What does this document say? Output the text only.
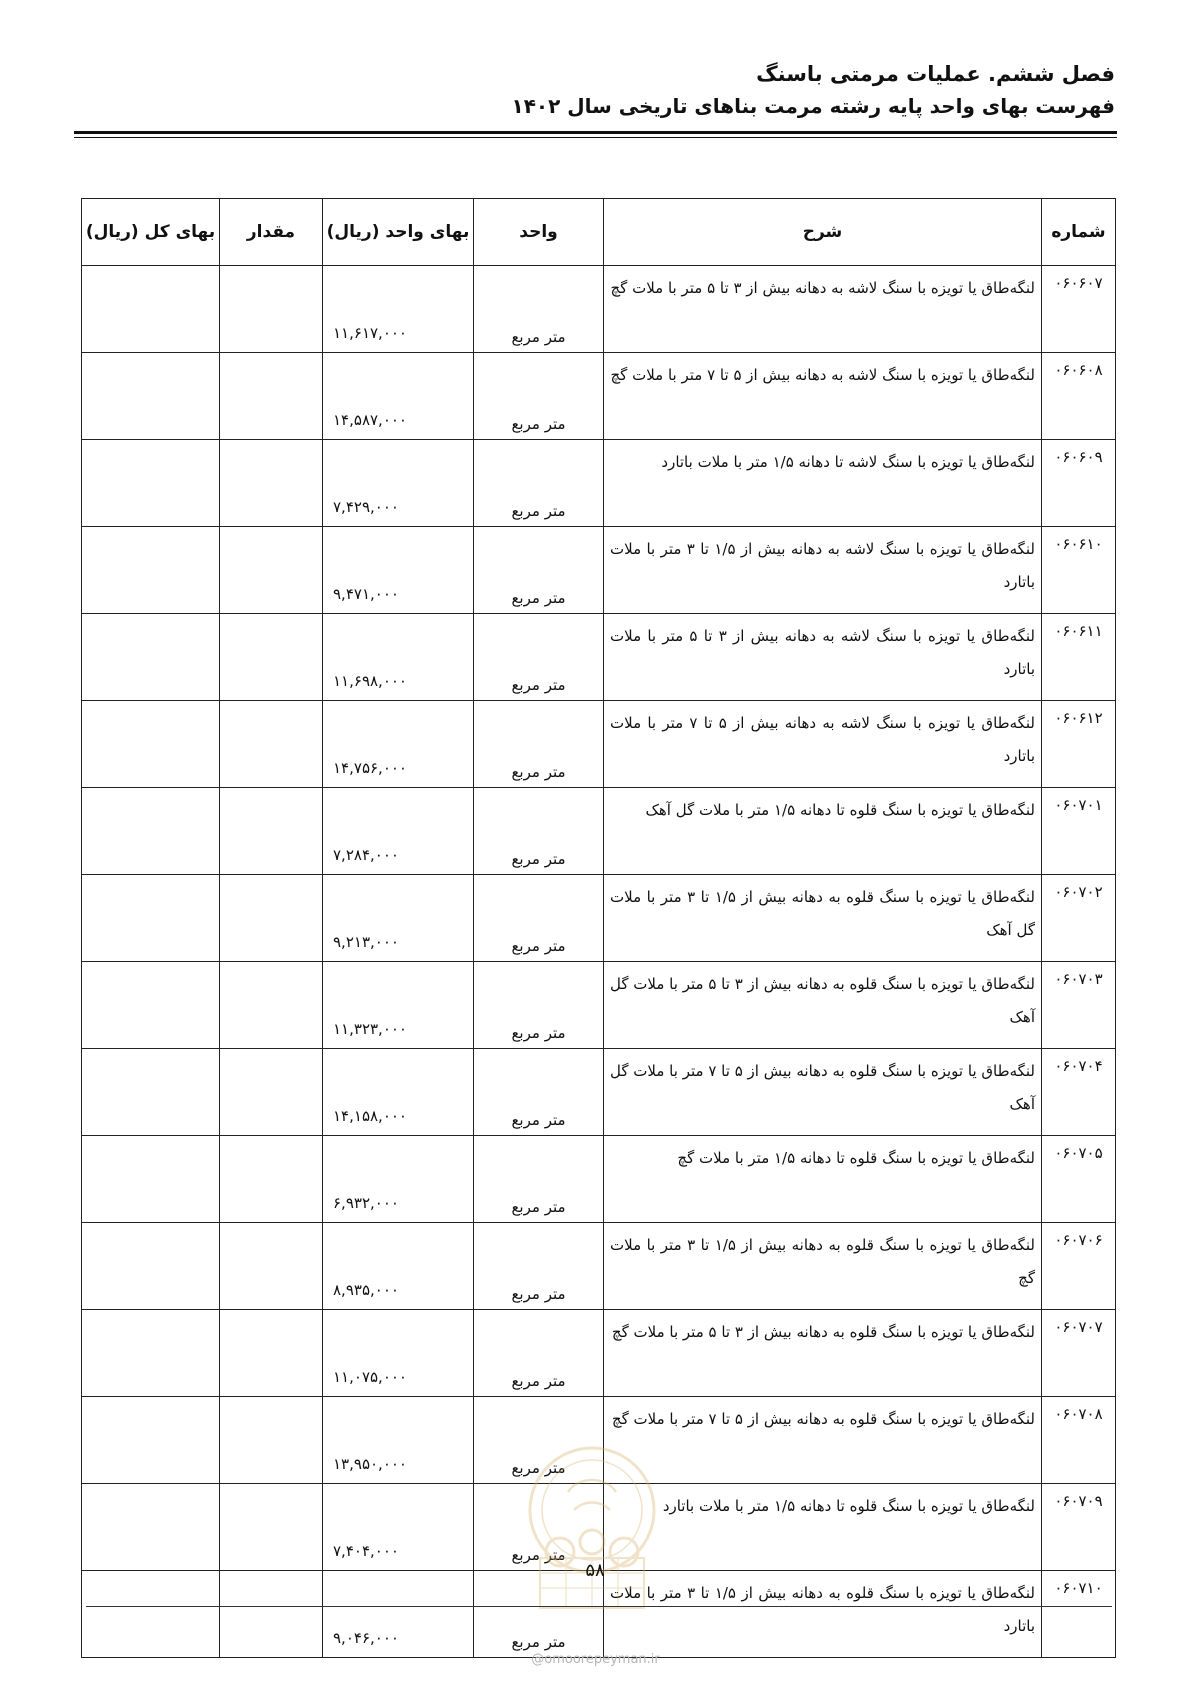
فصل ششم. عملیات مرمتی باسنگ
فهرست بهای واحد پایه رشته مرمت بناهای تاریخی سال ۱۴۰۲
شماره	شرح	واحد	بهای واحد (ریال)	مقدار	بهای کل (ریال)
۰۶۰۶۰۷	لنگه‌طاق یا تویزه با سنگ لاشه به دهانه بیش از ۳ تا ۵ متر با ملات گچ	متر مربع	۱۱,۶۱۷,۰۰۰		
۰۶۰۶۰۸	لنگه‌طاق یا تویزه با سنگ لاشه به دهانه بیش از ۵ تا ۷ متر با ملات گچ	متر مربع	۱۴,۵۸۷,۰۰۰		
۰۶۰۶۰۹	لنگه‌طاق یا تویزه با سنگ لاشه تا دهانه ۱/۵ متر با ملات باتارد	متر مربع	۷,۴۲۹,۰۰۰		
۰۶۰۶۱۰	لنگه‌طاق یا تویزه با سنگ لاشه به دهانه بیش از ۱/۵ تا ۳ متر با ملات باتارد	متر مربع	۹,۴۷۱,۰۰۰		
۰۶۰۶۱۱	لنگه‌طاق یا تویزه با سنگ لاشه به دهانه بیش از ۳ تا ۵ متر با ملات باتارد	متر مربع	۱۱,۶۹۸,۰۰۰		
۰۶۰۶۱۲	لنگه‌طاق یا تویزه با سنگ لاشه به دهانه بیش از ۵ تا ۷ متر با ملات باتارد	متر مربع	۱۴,۷۵۶,۰۰۰		
۰۶۰۷۰۱	لنگه‌طاق یا تویزه با سنگ قلوه تا دهانه ۱/۵ متر با ملات گل آهک	متر مربع	۷,۲۸۴,۰۰۰		
۰۶۰۷۰۲	لنگه‌طاق یا تویزه با سنگ قلوه به دهانه بیش از ۱/۵ تا ۳ متر با ملات گل آهک	متر مربع	۹,۲۱۳,۰۰۰		
۰۶۰۷۰۳	لنگه‌طاق یا تویزه با سنگ قلوه به دهانه بیش از ۳ تا ۵ متر با ملات گل آهک	متر مربع	۱۱,۳۲۳,۰۰۰		
۰۶۰۷۰۴	لنگه‌طاق یا تویزه با سنگ قلوه به دهانه بیش از ۵ تا ۷ متر با ملات گل آهک	متر مربع	۱۴,۱۵۸,۰۰۰		
۰۶۰۷۰۵	لنگه‌طاق یا تویزه با سنگ قلوه تا دهانه ۱/۵ متر با ملات گچ	متر مربع	۶,۹۳۲,۰۰۰		
۰۶۰۷۰۶	لنگه‌طاق یا تویزه با سنگ قلوه به دهانه بیش از ۱/۵ تا ۳ متر با ملات گچ	متر مربع	۸,۹۳۵,۰۰۰		
۰۶۰۷۰۷	لنگه‌طاق یا تویزه با سنگ قلوه به دهانه بیش از ۳ تا ۵ متر با ملات گچ	متر مربع	۱۱,۰۷۵,۰۰۰		
۰۶۰۷۰۸	لنگه‌طاق یا تویزه با سنگ قلوه به دهانه بیش از ۵ تا ۷ متر با ملات گچ	متر مربع	۱۳,۹۵۰,۰۰۰		
۰۶۰۷۰۹	لنگه‌طاق یا تویزه با سنگ قلوه تا دهانه ۱/۵ متر با ملات باتارد	متر مربع	۷,۴۰۴,۰۰۰		
۰۶۰۷۱۰	لنگه‌طاق یا تویزه با سنگ قلوه به دهانه بیش از ۱/۵ تا ۳ متر با ملات باتارد	متر مربع	۹,۰۴۶,۰۰۰		
۵۸
@omoorepeyman.ir
